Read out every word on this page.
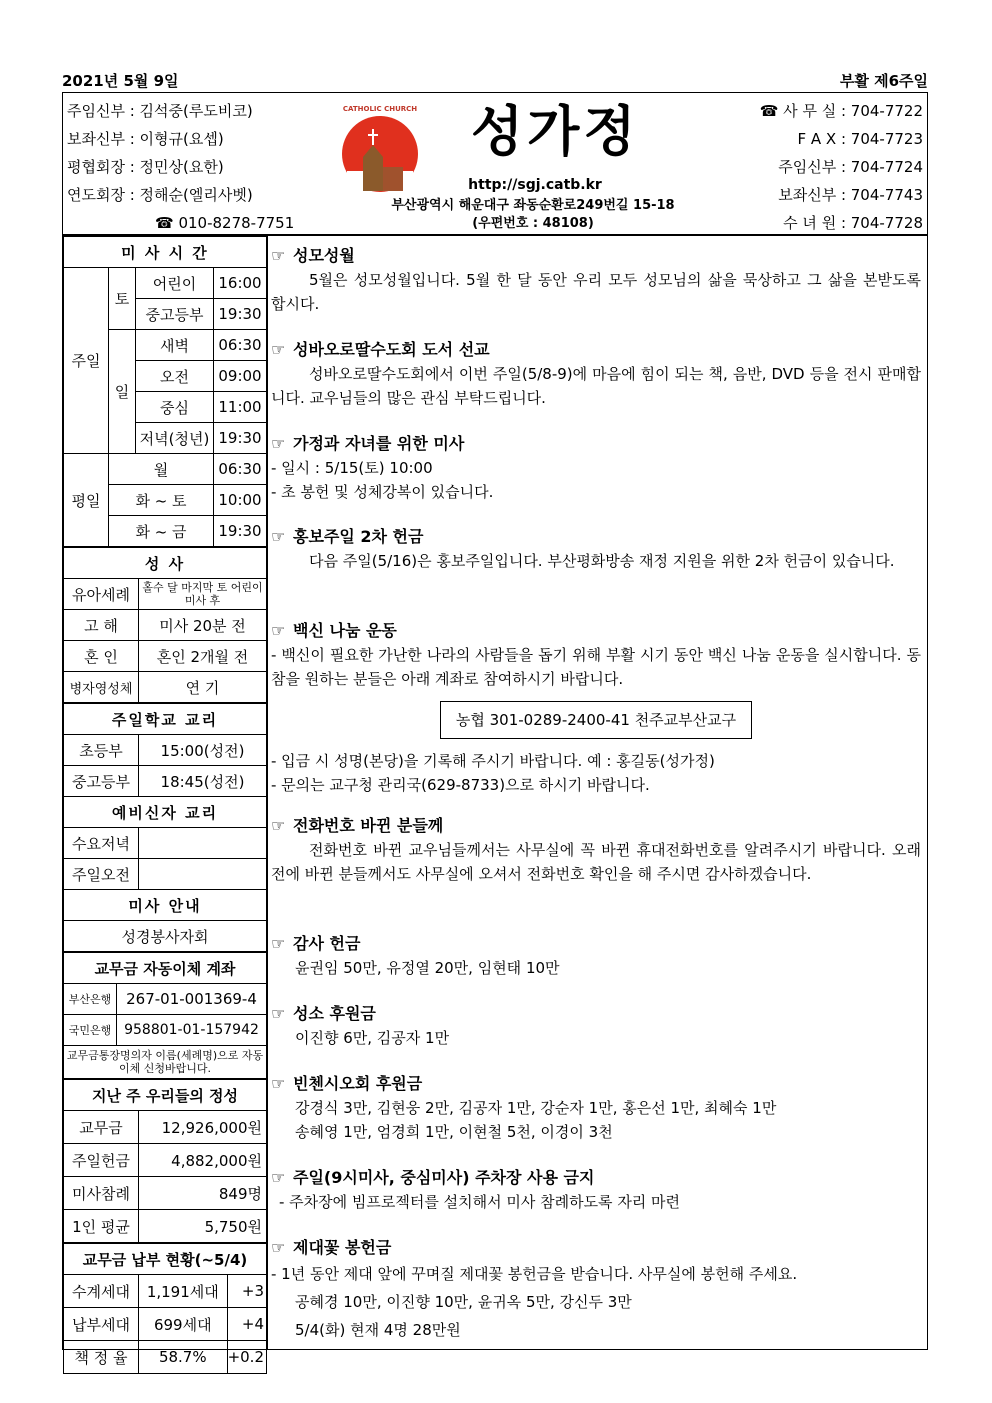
2021년 5월 9일	부활 제6주일
주임신부 : 김석중(루도비코)
보좌신부 : 이형규(요셉)
평협회장 : 정민상(요한)
연도회장 : 정해순(엘리사벳)
☎ 010-8278-7751
CATHOLIC CHURCH 성가정
http://sgj.catb.kr
부산광역시 해운대구 좌동순환로249번길 15-18
(우편번호 : 48108)
☎ 사 무 실 : 704-7722
F A X : 704-7723
주임신부 : 704-7724
보좌신부 : 704-7743
수 녀 원 : 704-7728
미 사 시 간			
주일	토	어린이	16:00
		중고등부	19:30
	일	새벽	06:30
		오전	09:00
		중심	11:00
		저녁(청년)	19:30
평일	월		06:30
	화 ~ 토		10:00
	화 ~ 금		19:30
성 사	
유아세례	홀수 달 마지막 토 어린이 미사 후
고 해	미사 20분 전
혼 인	혼인 2개월 전
병자영성체	연 기
주일학교 교리	
초등부	15:00(성전)
중고등부	18:45(성전)
예비신자 교리	
수요저녁	
주일오전	
미사 안내	
성경봉사자회	
교무금 자동이체 계좌	
부산은행	267-01-001369-4
국민은행	958801-01-157942
교무금통장명의자 이름(세례명)으로 자동이체 신청바랍니다.	
지난 주 우리들의 정성	
교무금	12,926,000원
주일헌금	4,882,000원
미사참례	849명
1인 평균	5,750원
교무금 납부 현황(~5/4)		
수계세대	1,191세대	+3
납부세대	699세대	+4
책 정 율	58.7%	+0.2
☞ 성모성월
5월은 성모성월입니다. 5월 한 달 동안 우리 모두 성모님의 삶을 묵상하고 그 삶을 본받도록 합시다.
☞ 성바오로딸수도회 도서 선교
성바오로딸수도회에서 이번 주일(5/8-9)에 마음에 힘이 되는 책, 음반, DVD 등을 전시 판매합니다. 교우님들의 많은 관심 부탁드립니다.
☞ 가정과 자녀를 위한 미사
- 일시 : 5/15(토) 10:00
- 초 봉헌 및 성체강복이 있습니다.
☞ 홍보주일 2차 헌금
다음 주일(5/16)은 홍보주일입니다. 부산평화방송 재정 지원을 위한 2차 헌금이 있습니다.
☞ 백신 나눔 운동
- 백신이 필요한 가난한 나라의 사람들을 돕기 위해 부활 시기 동안 백신 나눔 운동을 실시합니다. 동참을 원하는 분들은 아래 계좌로 참여하시기 바랍니다.
농협 301-0289-2400-41 천주교부산교구
- 입금 시 성명(본당)을 기록해 주시기 바랍니다. 예 : 홍길동(성가정)
- 문의는 교구청 관리국(629-8733)으로 하시기 바랍니다.
☞ 전화번호 바뀐 분들께
전화번호 바뀐 교우님들께서는 사무실에 꼭 바뀐 휴대전화번호를 알려주시기 바랍니다. 오래 전에 바뀐 분들께서도 사무실에 오셔서 전화번호 확인을 해 주시면 감사하겠습니다.
☞ 감사 헌금
윤권임 50만, 유정열 20만, 임현태 10만
☞ 성소 후원금
이진향 6만, 김공자 1만
☞ 빈첸시오회 후원금
강경식 3만, 김현웅 2만, 김공자 1만, 강순자 1만, 홍은선 1만, 최혜숙 1만
송혜영 1만, 엄경희 1만, 이현철 5천, 이경이 3천
☞ 주일(9시미사, 중심미사) 주차장 사용 금지
- 주차장에 빔프로젝터를 설치해서 미사 참례하도록 자리 마련
☞ 제대꽃 봉헌금
- 1년 동안 제대 앞에 꾸며질 제대꽃 봉헌금을 받습니다. 사무실에 봉헌해 주세요.
공혜경 10만, 이진향 10만, 윤귀옥 5만, 강신두 3만
5/4(화) 현재 4명 28만원
